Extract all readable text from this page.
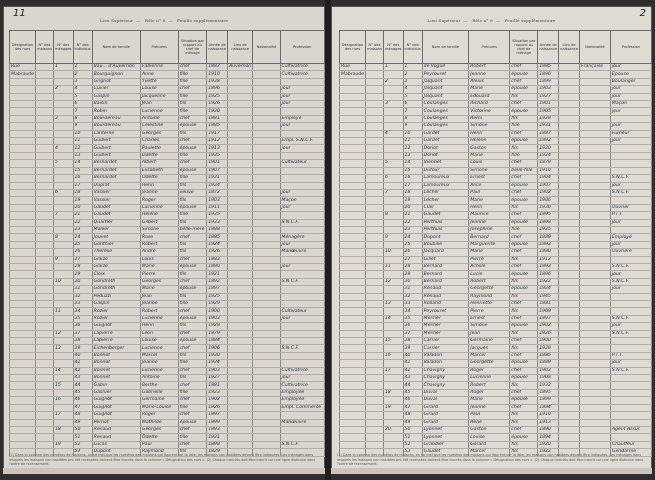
11
Lieu Supérieur — Rôle n° 8 — Feuille supplémentaire
Désignation des rues	N° des maisons	N° des ménages	N° des individus	Nom de famille	Prénoms	Situation par rapport au chef de ménage	Année de naissance	Lieu de naissance	Nationalité	Profession
Rue		1	1	Bau... d'Auvernon	Fabienne	chef	1887	Auvernon		Cultivatrice
Mabraude			2	Bourguignon	Anne	fille	1910			Cultivatrice
			3	Grignot	Yvette	fille	1938			
		2	4	Cuvier	Louise	chef	1896			jour
			5	Gaspin	Jacqueline	fille	1925			jour
			6	Baisin	Jean	fils	1926			jour
			7	Robin	Lucienne	fille	1930			
		3	8	Bourdereau	Antoine	chef	1881			Employé
			9	Bourdereau	Célestine	épouse	1885			jour
			10	Lanterne	Georges	fils	1917			
			11	Guibert	Charles	chef	1912			Empl. S.N.C.F.
		4	12	Guibert	Paulette	épouse	1913			jour
			13	Guibert	Odette	fille	1935			
		5	14	Bernardet	Albert	chef	1901			Cultivateur
			15	Bernardet	Élisabeth	épouse	1907			
			16	Bernardet	Odette	fille	1931			
			17	Duprat	Henri	fils	1934			
		6	18	Vassier	Jeanne	veuve	1872			jour
			19	Vassier	Roger	fils	1903			Maçon
			20	Gaudet	Lucienne	épouse	1911			jour
		7	21	Gaudet	Hélène	fille	1935			
			22	Quartier	Gilbert	fils	1933			S.N.C.F.
			23	Mallier	Simone	belle-mère	1888			
		8	24	Jouvet	Rose	chef	1885			Ménagère
			25	Gonthier	Robert	fils	1924			jour
			26	Thérèse	André	fils	1926			Manœuvre
		9	27	Glaize	Louis	chef	1883			
			28	Glaize	Marie	épouse	1890			jour
			29	Cloix	Pierre	fils	1921			
		10	30	Gondreth	Georges	chef	1892			S.N.C.F.
			31	Gondreth	Marie	épouse	1897			
			32	Peduzzi	Jean	fils	1925			
			33	Gaspin	Jeanne	fille	1929			
		11	34	Rozier	Robert	chef	1900			Cultivateur
			35	Rozier	Lucienne	épouse	1903			jour
			36	Guignot	Henri	fils	1928			
		12	37	Lapierre	Léon	chef	1879			
			38	Lapierre	Louise	épouse	1884			
		13	39	Eichenberger	Lucienne	chef	1906			S.N.C.F.
			40	Bonnot	Marcel	fils	1930			
			41	Bonnot	Jeanne	fille	1934			
		14	42	Bonnet	Lucienne	chef	1903			Cultivatrice
			43	Bonnet	Antoine	fils	1927			jour
		15	44	Gabin	Berthe	chef	1881			Cultivatrice
			45	Gasnier	Gabrielle	fille	1923			Employée
		16	46	Guignot	Germaine	chef	1902			Employée
			47	Guignot	Marie-Louise	fille	1926			Empl. Commerce
		17	48	Guignot	Roger	chef	1897			
			49	Pernot	Mathilde	épouse	1899			Manœuvre
		18	50	Renaud	Georges	chef	1893			
			51	Renaud	Odette	fille	1931			
		19	52	Lucas	Paul	chef	1898			S.N.C.F.
			53	Dupont	Raymond	fils	1929			
(1) Dans la colonne des numéros de maisons, on ne met que les numéros des maisons qui figurent sur la liste, les maisons non habitées devant être indiquées. Les ménages dans lesquels les maisons non habitées ont été recensées doivent être inscrits dans la colonne « Désignation des rues ». (2) Chaque individu doit être inscrit sur une ligne distincte dans l'ordre de recensement.
2
Lieu Supérieur — Rôle n° 8 — Feuille supplémentaire
Désignation des rues	N° des maisons	N° des ménages	N° des individus	Nom de famille	Prénoms	Situation par rapport au chef de ménage	Année de naissance	Lieu de naissance	Nationalité	Profession
Rue		1	1	de Vogüé	Robert	chef	1885		Française	jour
Mabraude			2	Peyrouret	Jeanne	épouse	1890			Épouse
		2	3	Jalquant	Alexis	chef	1899			Boulanger
			4	Jalquant	Marie	épouse	1903			jour
			5	Jalquant	Édouard	fils	1927			jour
		3	6	Coulanges	Richard	chef	1901			Maçon
			7	Coulanges	Victorine	épouse	1905			jour
			8	Coulanges	Rémi	fils	1928			
			9	Coulanges	Simone	fille	1931			jour
		4	10	Gardet	Henri	chef	1887			Fumeur
			11	Gardet	Hélène	épouse	1892			jour
			12	Doriot	Gaston	fils	1920			
			13	Doriot	Marie	fille	1924			
		5	14	Viennet	Louis	chef	1879			
			15	Dufour	Simone	belle-fille	1910			
		6	16	Lamoureux	Ernest	chef	1904			S.N.C.F.
			17	Lamoureux	Alice	épouse	1907			jour
		7	18	Léchel	Paul	chef	1902			S.N.C.F.
			19	Léchel	Marie	épouse	1906			
			20	Clair	Henri	fils	1930			Ouvrier
		8	21	Gaudet	Maurice	chef	1895			P.T.T.
			22	Perthuis	Jeanne	épouse	1898			jour
			23	Perthuis	Josephine	fille	1925			
		9	24	Dupont	Bernard	chef	1889			Employé
			25	Boubille	Marguerite	épouse	1893			jour
		10	26	Jacquard	Marie	chef	1880			Ouvrière
			27	Gillet	Pierre	fils	1912			
		11	28	Bernard	Achille	chef	1893			S.N.C.F.
			29	Bernard	Lucie	épouse	1896			jour
		12	30	Bernard	Robert	fils	1922			S.N.C.F.
			31	Renaud	Georgette	épouse	1924			jour
			32	Renaud	Raymond	fils	1945			
		13	33	Rolland	Henriette	chef	1881			
			34	Peyrouret	Pierre	fils	1909			
		14	35	Mercier	Ernest	chef	1897			S.N.C.F.
			36	Mercier	Simone	épouse	1902			jour
			37	Mercier	Jean	fils	1926			S.N.C.F.
		15	38	Carrier	Germaine	chef	1900			
			39	Carrier	Jacques	fils	1928			
		16	40	Valadon	Marcel	chef	1885			P.T.T.
			41	Valadon	Georgette	épouse	1889			jour
		17	42	Chavigny	Roger	chef	1903			S.N.C.F.
			43	Chavigny	Lucienne	épouse	1908			
			44	Chavigny	Robert	fils	1932			
		18	45	Duval	Roger	chef	1895			
			46	Duval	Marie	épouse	1899			
		19	47	Girard	Jeanne	chef	1884			
			48	Girard	Paul	fils	1910			
			49	Girard	René	fils	1913			
		20	50	Lyonnet	Gaston	chef	1890			Agent Assur.
			51	Lyonnet	Louise	épouse	1894			
			52	Grandier	Gérard	fils	1920			Chauffeur
			53	Gaudet	Marcel	fils	1922			Gendarme
(1) Dans la colonne des numéros de maisons, on ne met que les numéros des maisons qui figurent sur la liste, les maisons non habitées devant être indiquées. Les ménages dans lesquels les maisons non habitées ont été recensées doivent être inscrits dans la colonne « Désignation des rues ». (2) Chaque individu doit être inscrit sur une ligne distincte dans l'ordre de recensement.
